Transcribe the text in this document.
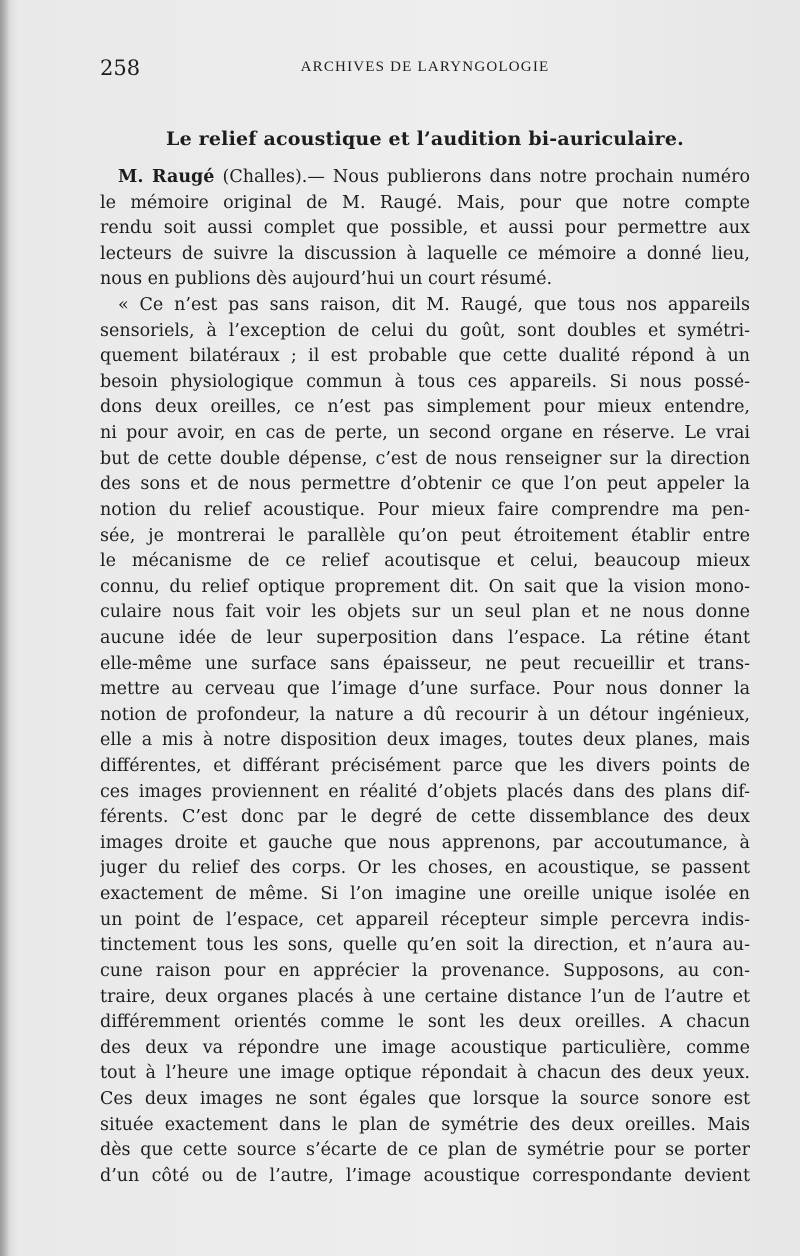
258	ARCHIVES DE LARYNGOLOGIE
Le relief acoustique et l’audition bi-auriculaire.
M. Raugé (Challes).— Nous publierons dans notre prochain numéro
le mémoire original de M. Raugé. Mais, pour que notre compte
rendu soit aussi complet que possible, et aussi pour permettre aux
lecteurs de suivre la discussion à laquelle ce mémoire a donné lieu,
nous en publions dès aujourd’hui un court résumé.
« Ce n’est pas sans raison, dit M. Raugé, que tous nos appareils
sensoriels, à l’exception de celui du goût, sont doubles et symétri-
quement bilatéraux ; il est probable que cette dualité répond à un
besoin physiologique commun à tous ces appareils. Si nous possé-
dons deux oreilles, ce n’est pas simplement pour mieux entendre,
ni pour avoir, en cas de perte, un second organe en réserve. Le vrai
but de cette double dépense, c’est de nous renseigner sur la direction
des sons et de nous permettre d’obtenir ce que l’on peut appeler la
notion du relief acoustique. Pour mieux faire comprendre ma pen-
sée, je montrerai le parallèle qu’on peut étroitement établir entre
le mécanisme de ce relief acoutisque et celui, beaucoup mieux
connu, du relief optique proprement dit. On sait que la vision mono-
culaire nous fait voir les objets sur un seul plan et ne nous donne
aucune idée de leur superposition dans l’espace. La rétine étant
elle-même une surface sans épaisseur, ne peut recueillir et trans-
mettre au cerveau que l’image d’une surface. Pour nous donner la
notion de profondeur, la nature a dû recourir à un détour ingénieux,
elle a mis à notre disposition deux images, toutes deux planes, mais
différentes, et différant précisément parce que les divers points de
ces images proviennent en réalité d’objets placés dans des plans dif-
férents. C’est donc par le degré de cette dissemblance des deux
images droite et gauche que nous apprenons, par accoutumance, à
juger du relief des corps. Or les choses, en acoustique, se passent
exactement de même. Si l’on imagine une oreille unique isolée en
un point de l’espace, cet appareil récepteur simple percevra indis-
tinctement tous les sons, quelle qu’en soit la direction, et n’aura au-
cune raison pour en apprécier la provenance. Supposons, au con-
traire, deux organes placés à une certaine distance l’un de l’autre et
différemment orientés comme le sont les deux oreilles. A chacun
des deux va répondre une image acoustique particulière, comme
tout à l’heure une image optique répondait à chacun des deux yeux.
Ces deux images ne sont égales que lorsque la source sonore est
située exactement dans le plan de symétrie des deux oreilles. Mais
dès que cette source s’écarte de ce plan de symétrie pour se porter
d’un côté ou de l’autre, l’image acoustique correspondante devient
